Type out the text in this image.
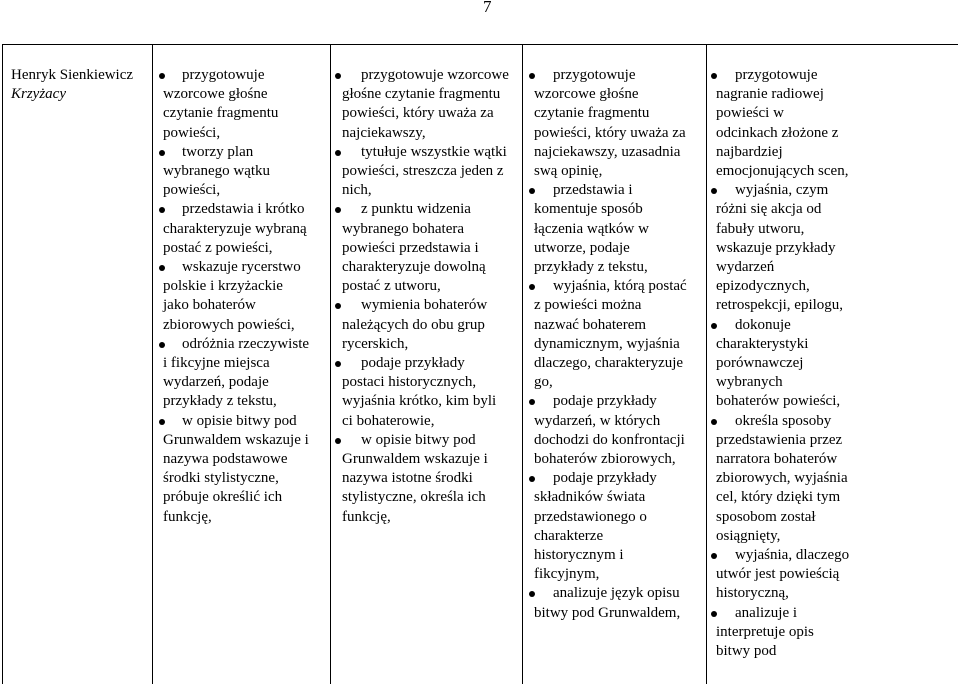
7
Henryk Sienkiewicz
Krzyżacy
przygotowuje
wzorcowe głośne
czytanie fragmentu
powieści,
tworzy plan
wybranego wątku
powieści,
przedstawia i krótko
charakteryzuje wybraną
postać z powieści,
wskazuje rycerstwo
polskie i krzyżackie
jako bohaterów
zbiorowych powieści,
odróżnia rzeczywiste
i fikcyjne miejsca
wydarzeń, podaje
przykłady z tekstu,
w opisie bitwy pod
Grunwaldem wskazuje i
nazywa podstawowe
środki stylistyczne,
próbuje określić ich
funkcję,
przygotowuje wzorcowe
głośne czytanie fragmentu
powieści, który uważa za
najciekawszy,
tytułuje wszystkie wątki
powieści, streszcza jeden z
nich,
z punktu widzenia
wybranego bohatera
powieści przedstawia i
charakteryzuje dowolną
postać z utworu,
wymienia bohaterów
należących do obu grup
rycerskich,
podaje przykłady
postaci historycznych,
wyjaśnia krótko, kim byli
ci bohaterowie,
w opisie bitwy pod
Grunwaldem wskazuje i
nazywa istotne środki
stylistyczne, określa ich
funkcję,
przygotowuje
wzorcowe głośne
czytanie fragmentu
powieści, który uważa za
najciekawszy, uzasadnia
swą opinię,
przedstawia i
komentuje sposób
łączenia wątków w
utworze, podaje
przykłady z tekstu,
wyjaśnia, którą postać
z powieści można
nazwać bohaterem
dynamicznym, wyjaśnia
dlaczego, charakteryzuje
go,
podaje przykłady
wydarzeń, w których
dochodzi do konfrontacji
bohaterów zbiorowych,
podaje przykłady
składników świata
przedstawionego o
charakterze
historycznym i
fikcyjnym,
analizuje język opisu
bitwy pod Grunwaldem,
przygotowuje
nagranie radiowej
powieści w
odcinkach złożone z
najbardziej
emocjonujących scen,
wyjaśnia, czym
różni się akcja od
fabuły utworu,
wskazuje przykłady
wydarzeń
epizodycznych,
retrospekcji, epilogu,
dokonuje
charakterystyki
porównawczej
wybranych
bohaterów powieści,
określa sposoby
przedstawienia przez
narratora bohaterów
zbiorowych, wyjaśnia
cel, który dzięki tym
sposobom został
osiągnięty,
wyjaśnia, dlaczego
utwór jest powieścią
historyczną,
analizuje i
interpretuje opis
bitwy pod
